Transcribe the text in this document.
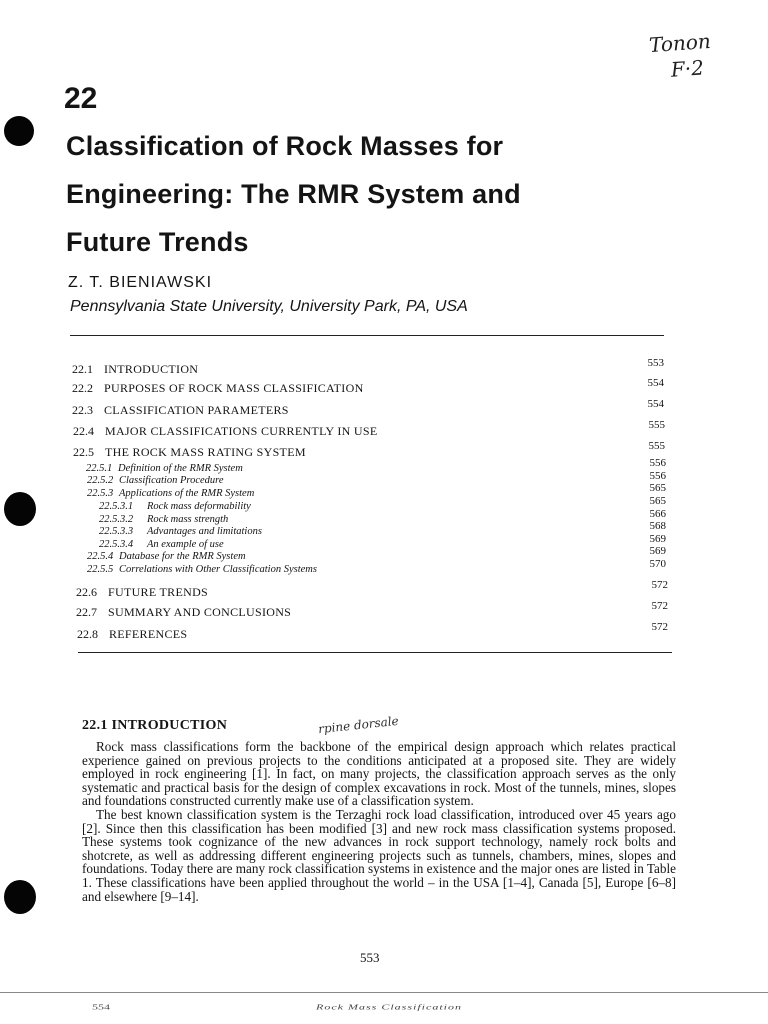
Tonon
F·2
22
Classification of Rock Masses for
Engineering: The RMR System and
Future Trends
Z. T. BIENIAWSKI
Pennsylvania State University, University Park, PA, USA
22.1 INTRODUCTION	553
22.2 PURPOSES OF ROCK MASS CLASSIFICATION	554
22.3 CLASSIFICATION PARAMETERS	554
22.4 MAJOR CLASSIFICATIONS CURRENTLY IN USE	555
22.5 THE ROCK MASS RATING SYSTEM	555
22.5.1 Definition of the RMR System	556
22.5.2 Classification Procedure	556
22.5.3 Applications of the RMR System	565
22.5.3.1 Rock mass deformability	565
22.5.3.2 Rock mass strength	566
22.5.3.3 Advantages and limitations	568
22.5.3.4 An example of use	569
22.5.4 Database for the RMR System	569
22.5.5 Correlations with Other Classification Systems	570
22.6 FUTURE TRENDS	572
22.7 SUMMARY AND CONCLUSIONS	572
22.8 REFERENCES	572
22.1 INTRODUCTION	rpine dorsale

Rock mass classifications form the backbone of the empirical design approach which relates practical experience gained on previous projects to the conditions anticipated at a proposed site. They are widely employed in rock engineering [1]. In fact, on many projects, the classification approach serves as the only systematic and practical basis for the design of complex excavations in rock. Most of the tunnels, mines, slopes and foundations constructed currently make use of a classification system.

The best known classification system is the Terzaghi rock load classification, introduced over 45 years ago [2]. Since then this classification has been modified [3] and new rock mass classification systems proposed. These systems took cognizance of the new advances in rock support technology, namely rock bolts and shotcrete, as well as addressing different engineering projects such as tunnels, chambers, mines, slopes and foundations. Today there are many rock classification systems in existence and the major ones are listed in Table 1. These classifications have been applied throughout the world – in the USA [1–4], Canada [5], Europe [6–8] and elsewhere [9–14].

553
554	Rock Mass Classification
